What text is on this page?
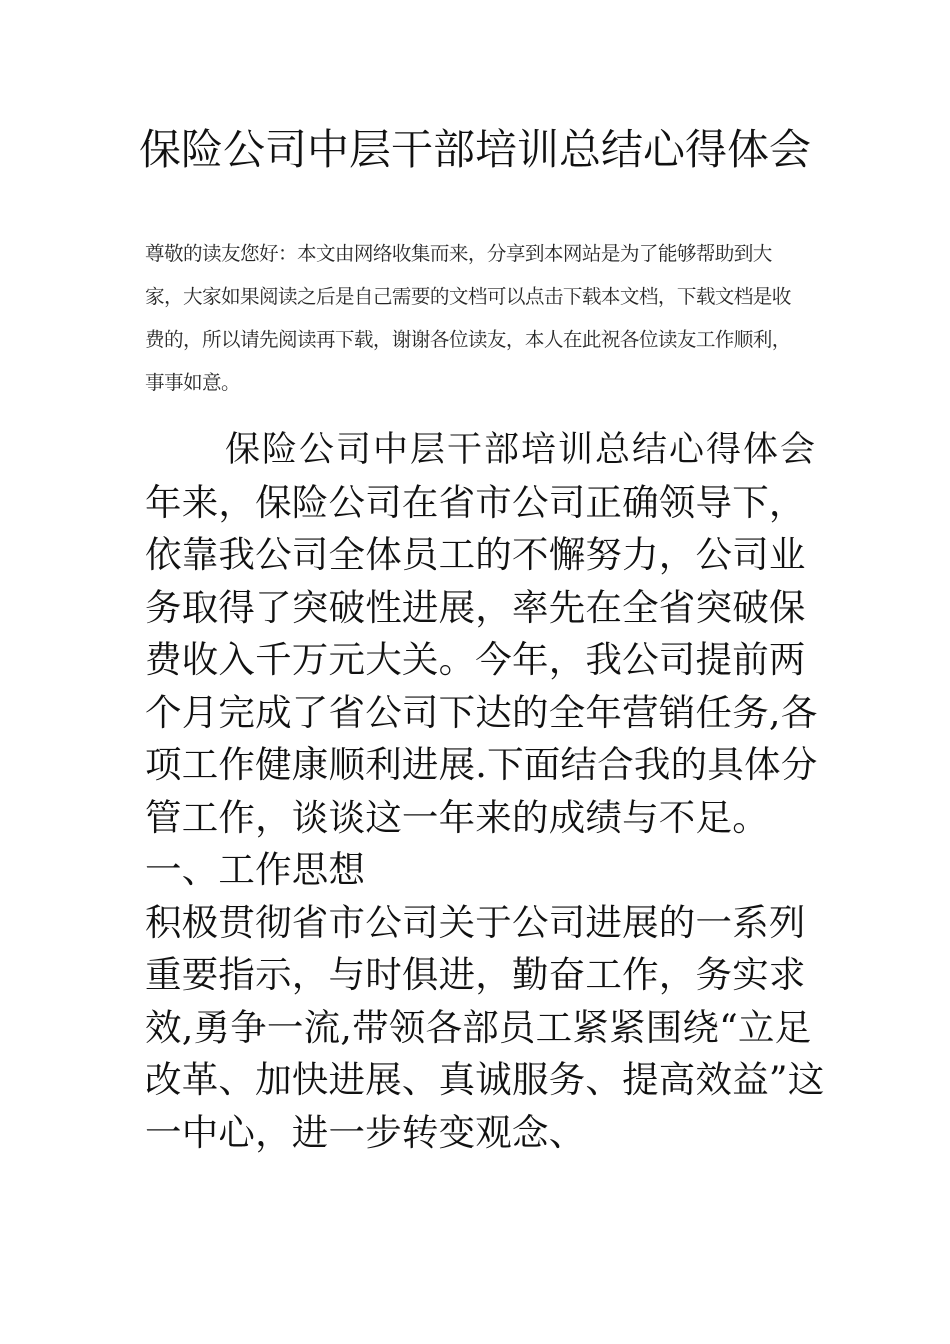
保险公司中层干部培训总结心得体会

尊敬的读友您好：本文由网络收集而来，分享到本网站是为了能够帮助到大家，大家如果阅读之后是自己需要的文档可以点击下载本文档，下载文档是收费的，所以请先阅读再下载，谢谢各位读友，本人在此祝各位读友工作顺利，事事如意。

保险公司中层干部培训总结心得体会

年来，保险公司在省市公司正确领导下，依靠我公司全体员工的不懈努力，公司业务取得了突破性进展，率先在全省突破保费收入千万元大关。今年，我公司提前两个月完成了省公司下达的全年营销任务,各项工作健康顺利进展.下面结合我的具体分管工作，谈谈这一年来的成绩与不足。

一、工作思想

积极贯彻省市公司关于公司进展的一系列重要指示，与时俱进，勤奋工作，务实求效,勇争一流,带领各部员工紧紧围绕“立足改革、加快进展、真诚服务、提高效益”这一中心，进一步转变观念、
